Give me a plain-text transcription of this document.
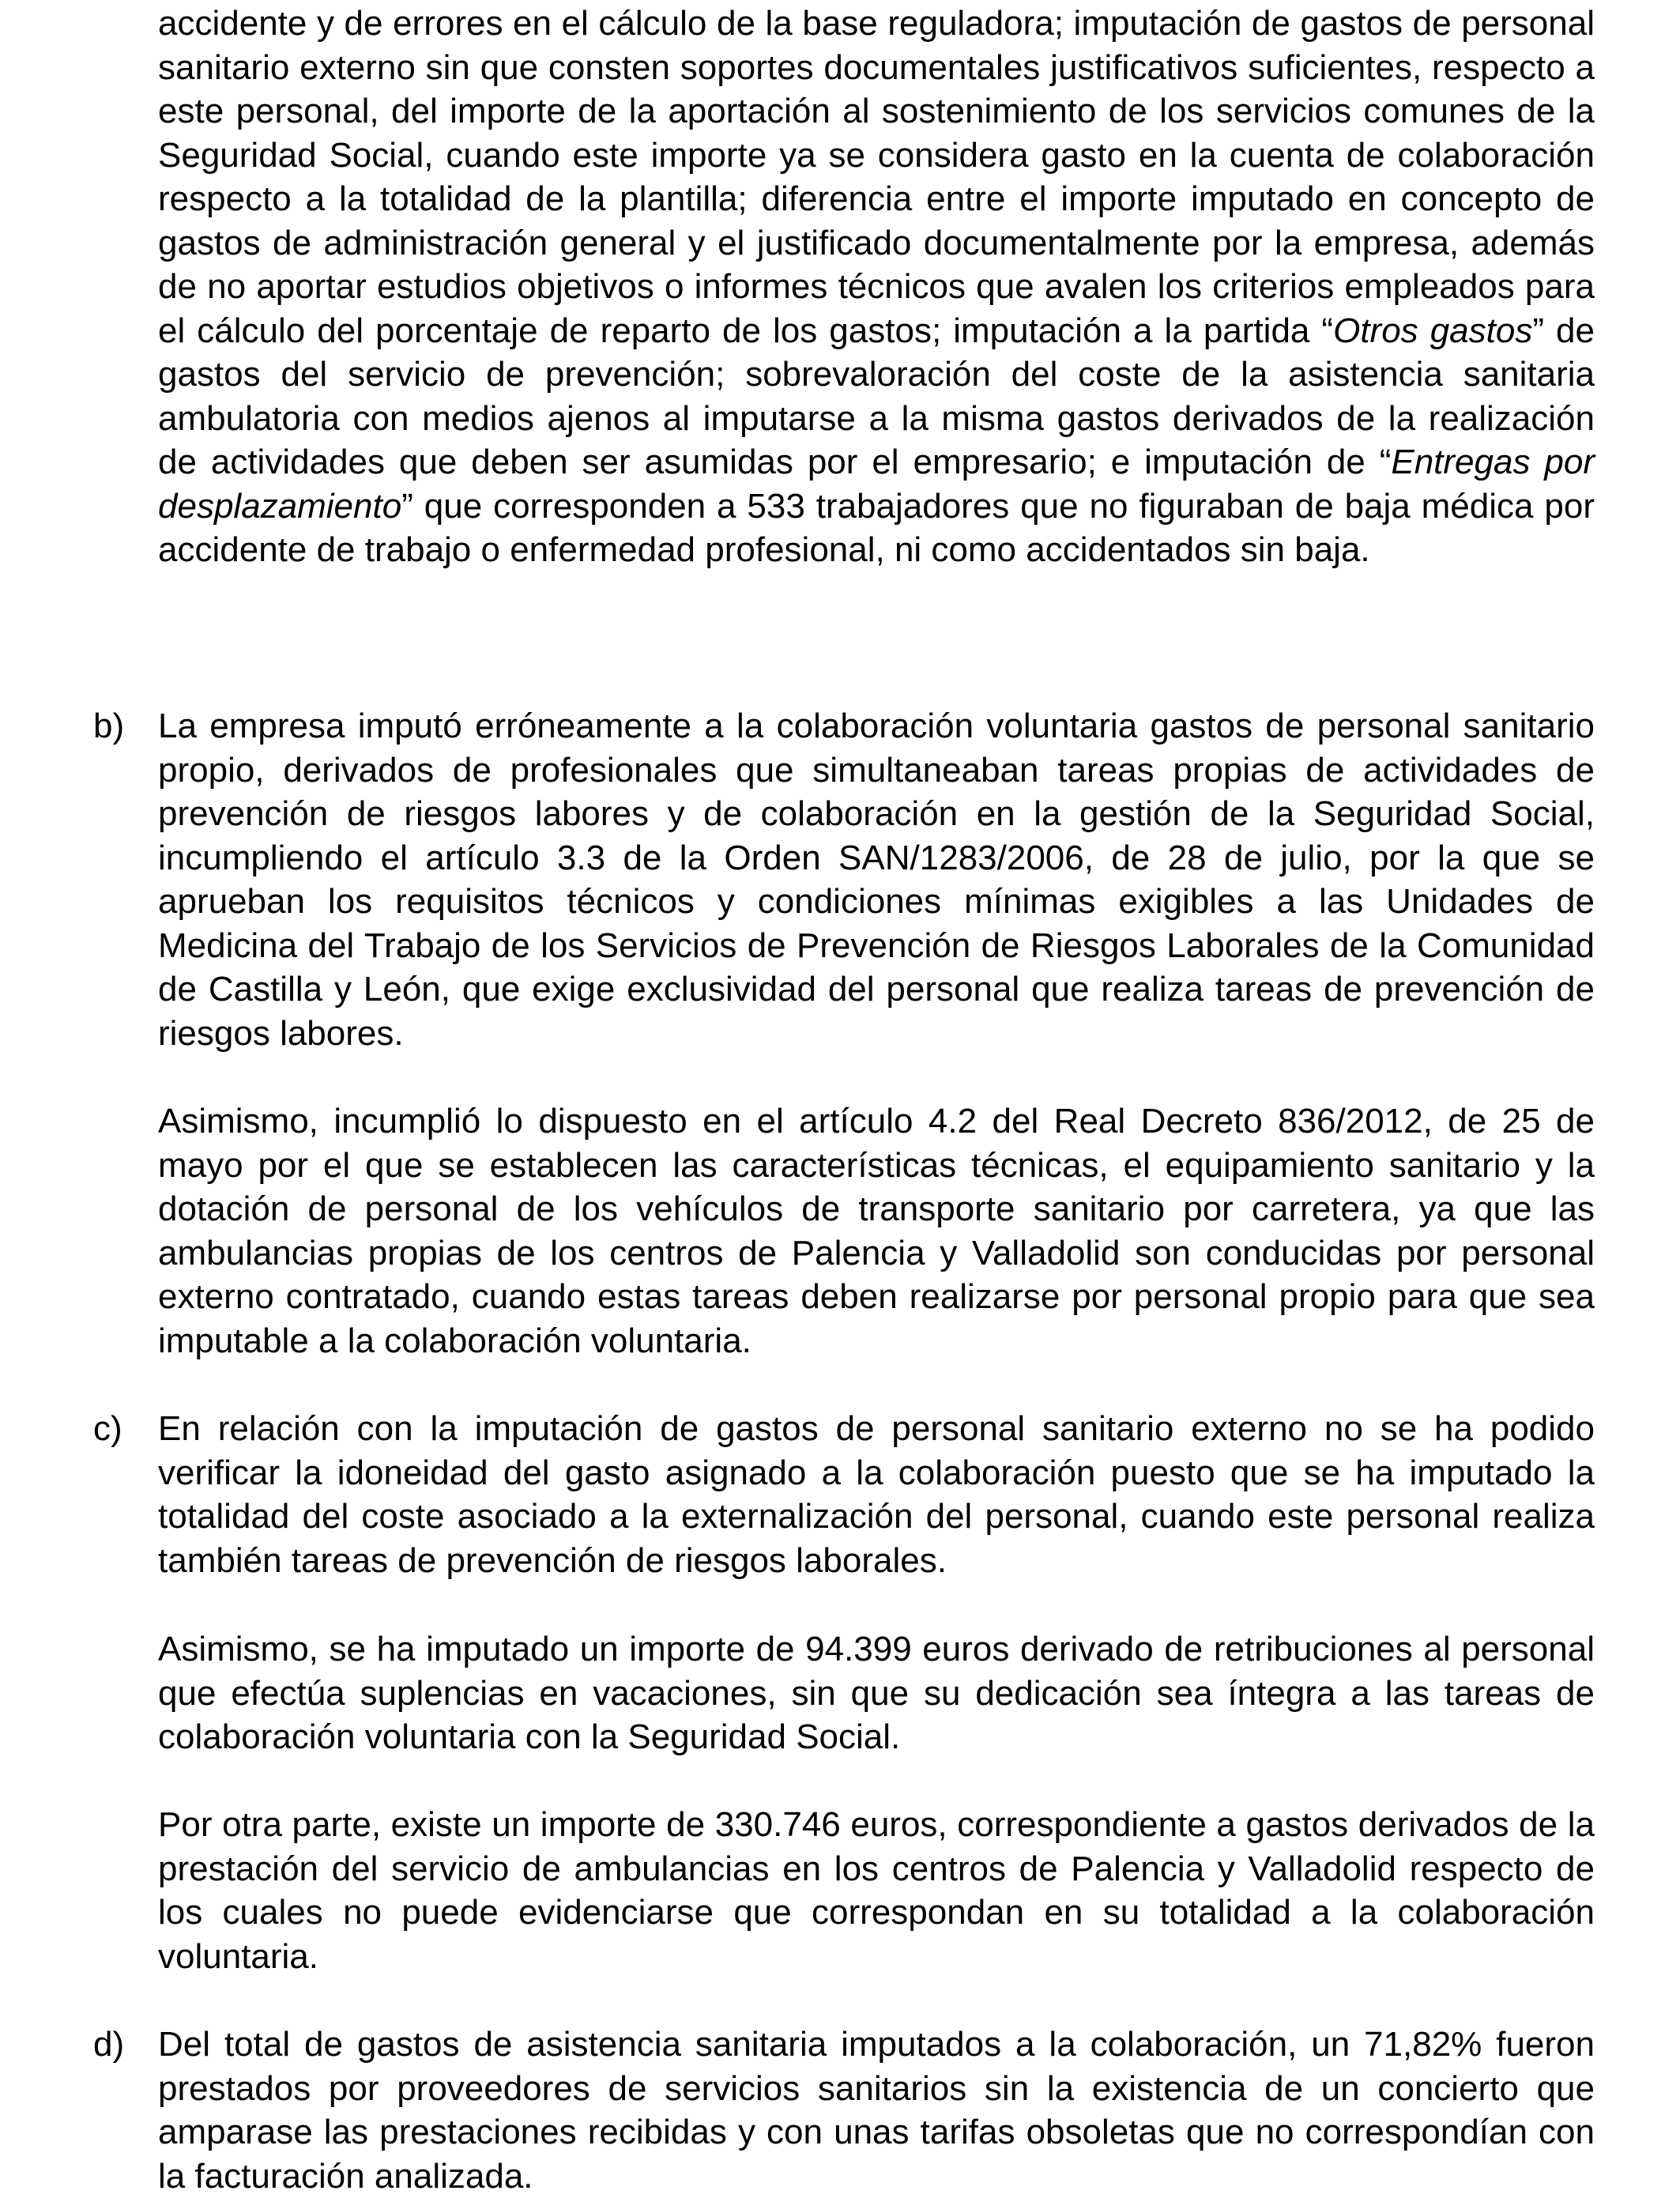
accidente y de errores en el cálculo de la base reguladora; imputación de gastos de personal sanitario externo sin que consten soportes documentales justificativos suficientes, respecto a este personal, del importe de la aportación al sostenimiento de los servicios comunes de la Seguridad Social, cuando este importe ya se considera gasto en la cuenta de colaboración respecto a la totalidad de la plantilla; diferencia entre el importe imputado en concepto de gastos de administración general y el justificado documentalmente por la empresa, además de no aportar estudios objetivos o informes técnicos que avalen los criterios empleados para el cálculo del porcentaje de reparto de los gastos; imputación a la partida “Otros gastos” de gastos del servicio de prevención; sobrevaloración del coste de la asistencia sanitaria ambulatoria con medios ajenos al imputarse a la misma gastos derivados de la realización de actividades que deben ser asumidas por el empresario; e imputación de “Entregas por desplazamiento” que corresponden a 533 trabajadores que no figuraban de baja médica por accidente de trabajo o enfermedad profesional, ni como accidentados sin baja.

b) La empresa imputó erróneamente a la colaboración voluntaria gastos de personal sanitario propio, derivados de profesionales que simultaneaban tareas propias de actividades de prevención de riesgos labores y de colaboración en la gestión de la Seguridad Social, incumpliendo el artículo 3.3 de la Orden SAN/1283/2006, de 28 de julio, por la que se aprueban los requisitos técnicos y condiciones mínimas exigibles a las Unidades de Medicina del Trabajo de los Servicios de Prevención de Riesgos Laborales de la Comunidad de Castilla y León, que exige exclusividad del personal que realiza tareas de prevención de riesgos labores.

Asimismo, incumplió lo dispuesto en el artículo 4.2 del Real Decreto 836/2012, de 25 de mayo por el que se establecen las características técnicas, el equipamiento sanitario y la dotación de personal de los vehículos de transporte sanitario por carretera, ya que las ambulancias propias de los centros de Palencia y Valladolid son conducidas por personal externo contratado, cuando estas tareas deben realizarse por personal propio para que sea imputable a la colaboración voluntaria.

c) En relación con la imputación de gastos de personal sanitario externo no se ha podido verificar la idoneidad del gasto asignado a la colaboración puesto que se ha imputado la totalidad del coste asociado a la externalización del personal, cuando este personal realiza también tareas de prevención de riesgos laborales.

Asimismo, se ha imputado un importe de 94.399 euros derivado de retribuciones al personal que efectúa suplencias en vacaciones, sin que su dedicación sea íntegra a las tareas de colaboración voluntaria con la Seguridad Social.

Por otra parte, existe un importe de 330.746 euros, correspondiente a gastos derivados de la prestación del servicio de ambulancias en los centros de Palencia y Valladolid respecto de los cuales no puede evidenciarse que correspondan en su totalidad a la colaboración voluntaria.

d) Del total de gastos de asistencia sanitaria imputados a la colaboración, un 71,82% fueron prestados por proveedores de servicios sanitarios sin la existencia de un concierto que amparase las prestaciones recibidas y con unas tarifas obsoletas que no correspondían con la facturación analizada.
